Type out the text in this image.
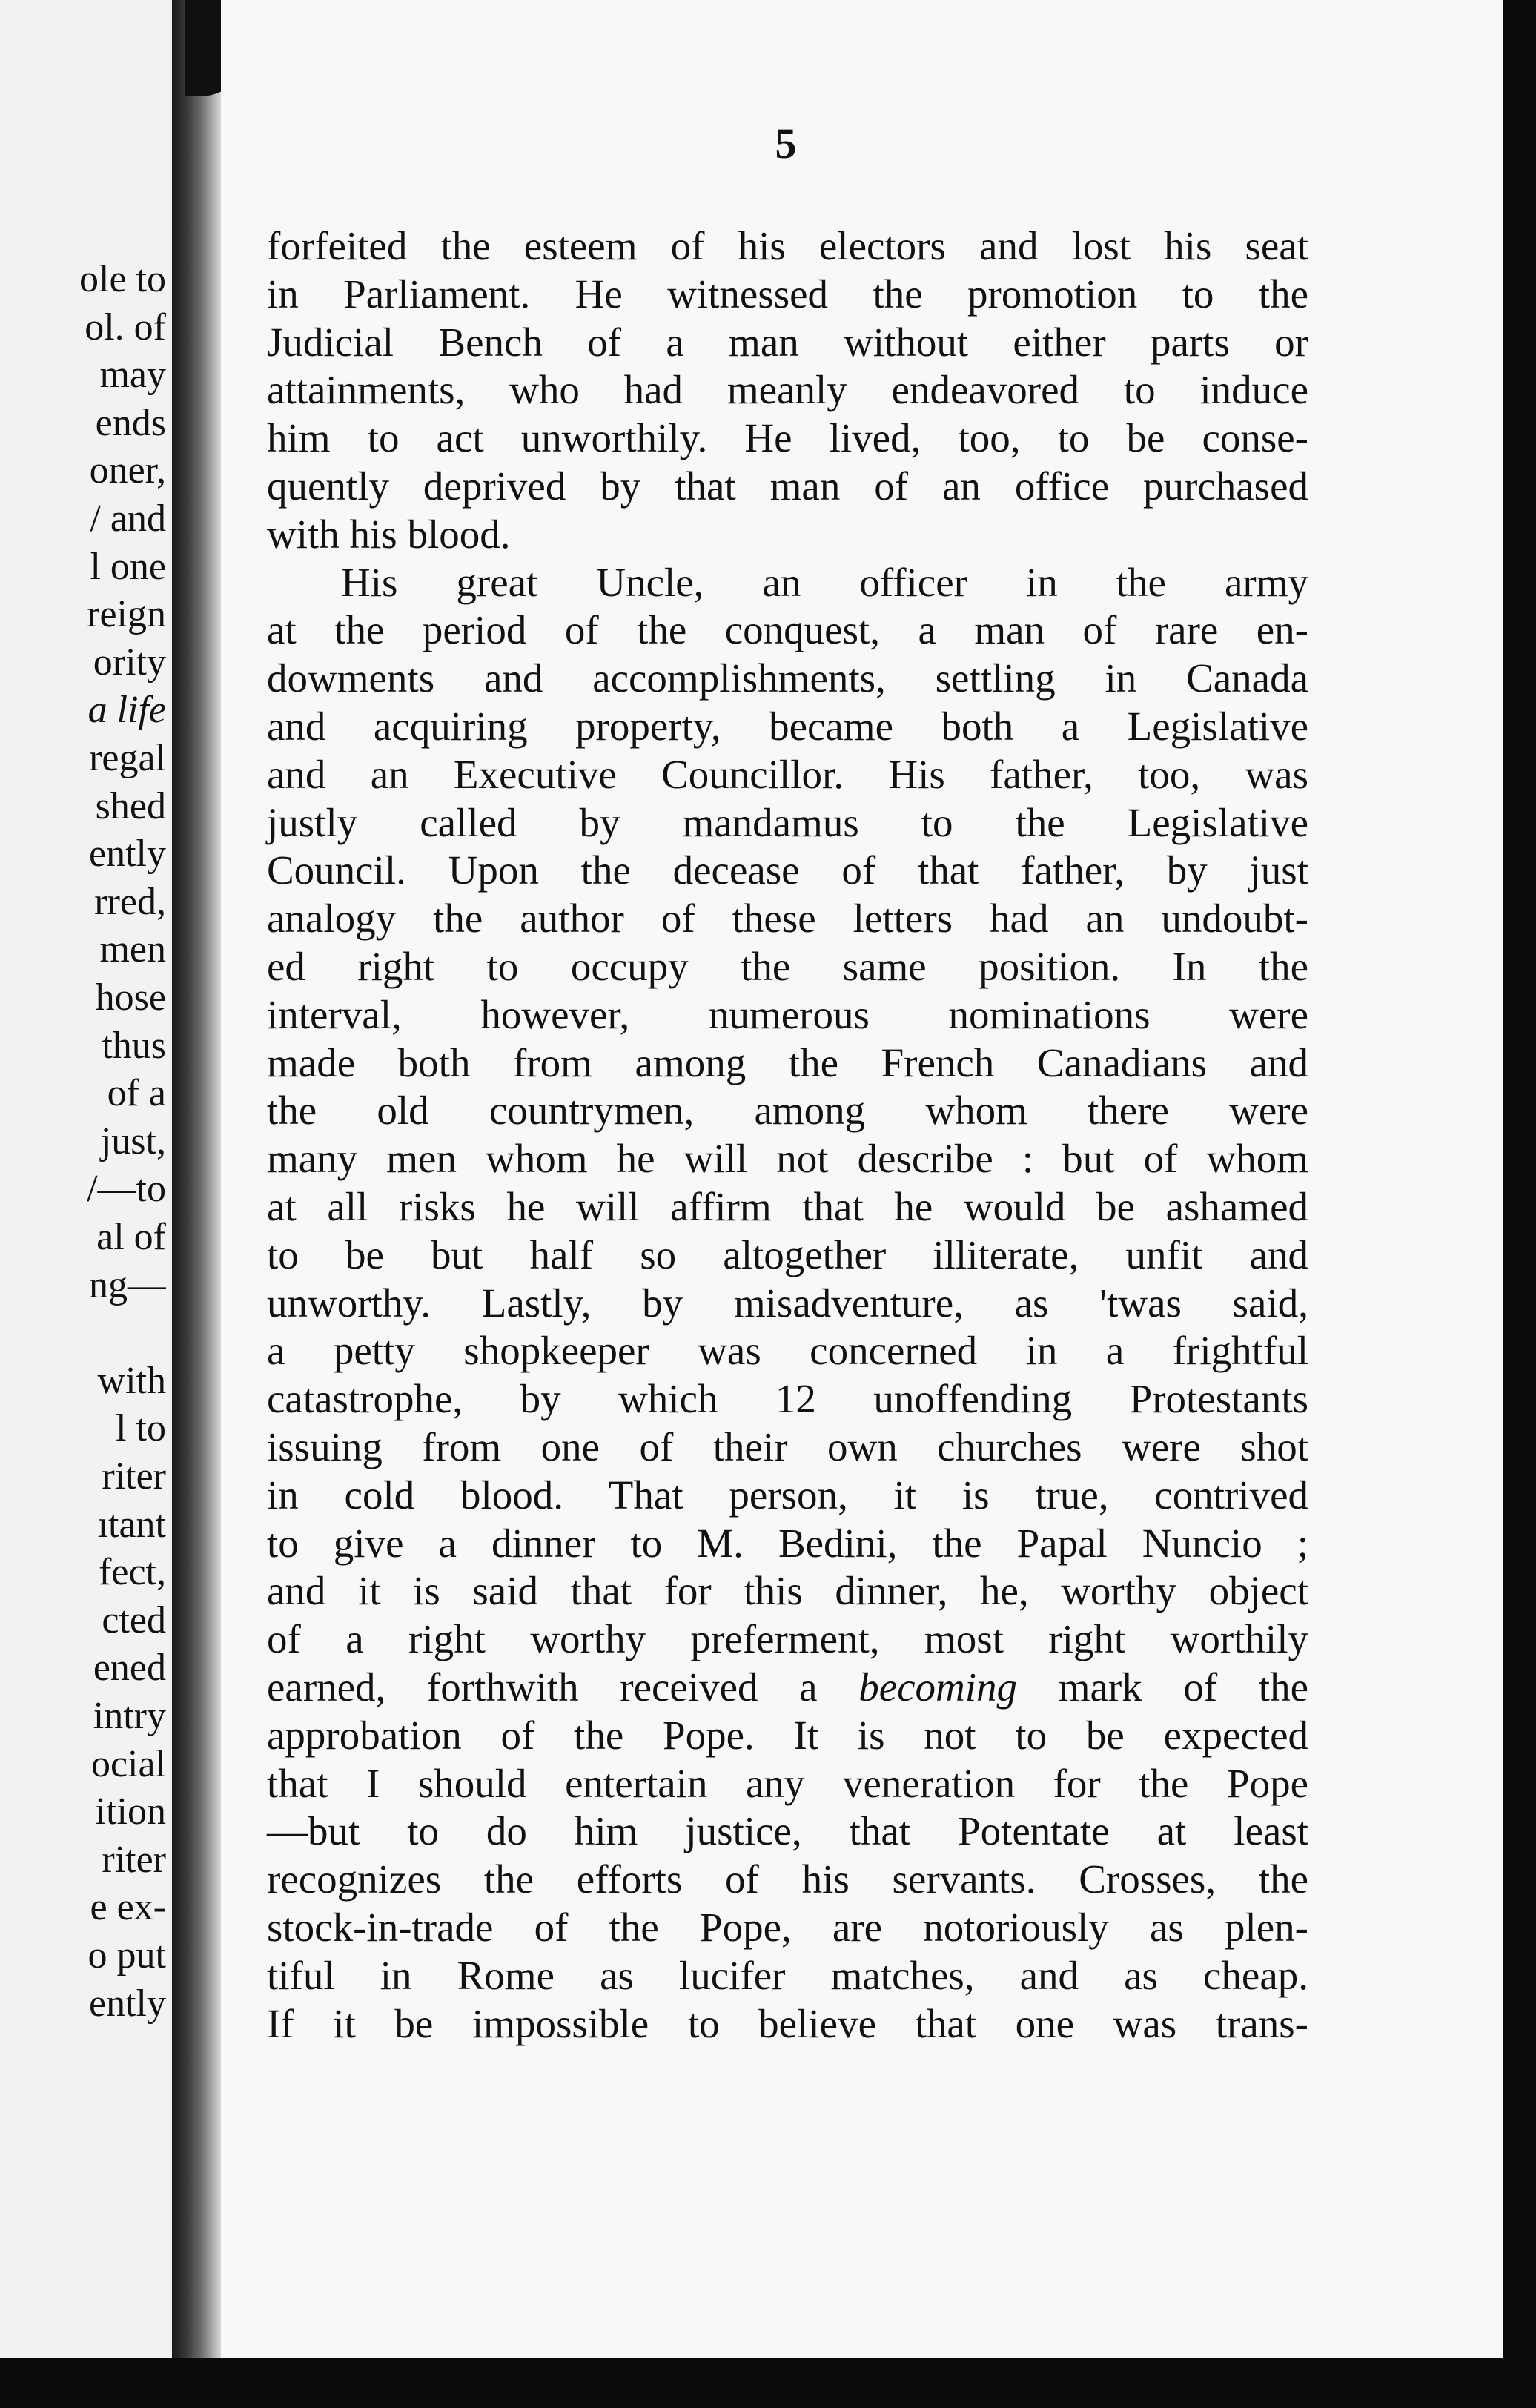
ole to
ol. of
may
ends
oner,
/ and
l one
reign
ority
a life
regal
shed
ently
rred,
men
hose
thus
of a
just,
/—to
al of
ng—
with
l to
riter
ıtant
fect,
cted
ened
intry
ocial
ition
riter
e ex-
o put
ently
5
forfeited the esteem of his electors and lost his seat
in Parliament. He witnessed the promotion to the
Judicial Bench of a man without either parts or
attainments, who had meanly endeavored to induce
him to act unworthily. He lived, too, to be conse-
quently deprived by that man of an office purchased
with his blood.
His great Uncle, an officer in the army
at the period of the conquest, a man of rare en-
dowments and accomplishments, settling in Canada
and acquiring property, became both a Legislative
and an Executive Councillor. His father, too, was
justly called by mandamus to the Legislative
Council. Upon the decease of that father, by just
analogy the author of these letters had an undoubt-
ed right to occupy the same position. In the
interval, however, numerous nominations were
made both from among the French Canadians and
the old countrymen, among whom there were
many men whom he will not describe : but of whom
at all risks he will affirm that he would be ashamed
to be but half so altogether illiterate, unfit and
unworthy. Lastly, by misadventure, as 'twas said,
a petty shopkeeper was concerned in a frightful
catastrophe, by which 12 unoffending Protestants
issuing from one of their own churches were shot
in cold blood. That person, it is true, contrived
to give a dinner to M. Bedini, the Papal Nuncio ;
and it is said that for this dinner, he, worthy object
of a right worthy preferment, most right worthily
earned, forthwith received a becoming mark of the
approbation of the Pope. It is not to be expected
that I should entertain any veneration for the Pope
—but to do him justice, that Potentate at least
recognizes the efforts of his servants. Crosses, the
stock-in-trade of the Pope, are notoriously as plen-
tiful in Rome as lucifer matches, and as cheap.
If it be impossible to believe that one was trans-
